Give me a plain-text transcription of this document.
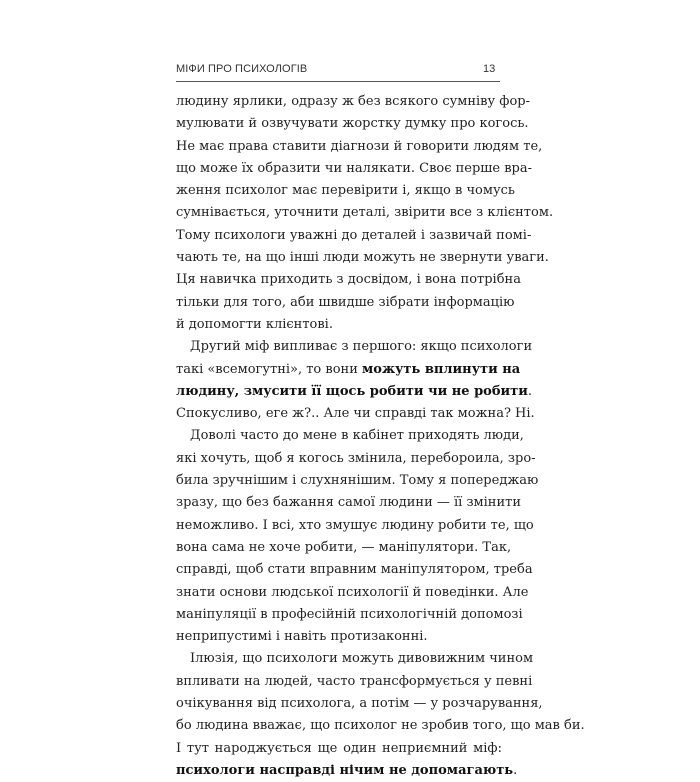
МІФИ ПРО ПСИХОЛОГІВ	13
людину ярлики, одразу ж без всякого сумніву фор-
мулювати й озвучувати жорстку думку про когось.
Не має права ставити діагнози й говорити людям те,
що може їх образити чи налякати. Своє перше вра-
ження психолог має перевірити і, якщо в чомусь
сумнівається, уточнити деталі, звірити все з клієнтом.
Тому психологи уважні до деталей і зазвичай помі-
чають те, на що інші люди можуть не звернути уваги.
Ця навичка приходить з досвідом, і вона потрібна
тільки для того, аби швидше зібрати інформацію
й допомогти клієнтові.
Другий міф випливає з першого: якщо психологи
такі «всемогутні», то вони можуть вплинути на
людину, змусити її щось робити чи не робити.
Спокусливо, еге ж?.. Але чи справді так можна? Ні.
Доволі часто до мене в кабінет приходять люди,
які хочуть, щоб я когось змінила, перебороила, зро-
била зручнішим і слухнянішим. Тому я попереджаю
зразу, що без бажання самої людини — її змінити
неможливо. І всі, хто змушує людину робити те, що
вона сама не хоче робити, — маніпулятори. Так,
справді, щоб стати вправним маніпулятором, треба
знати основи людської психології й поведінки. Але
маніпуляції в професійній психологічній допомозі
неприпустимі і навіть протизаконні.
Ілюзія, що психологи можуть дивовижним чином
впливати на людей, часто трансформується у певні
очікування від психолога, а потім — у розчарування,
бо людина вважає, що психолог не зробив того, що мав би.
І тут народжується ще один неприємний міф:
психологи насправді нічим не допомагають.
